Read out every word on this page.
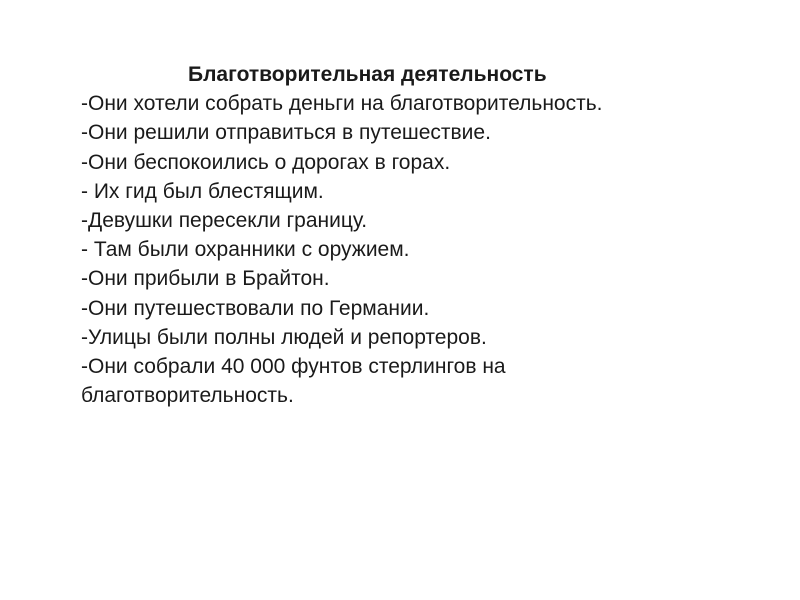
Благотворительная деятельность

-Они хотели собрать деньги на благотворительность.
-Они решили отправиться в путешествие.
-Они беспокоились о дорогах в горах.
- Их гид был блестящим.
-Девушки пересекли границу.
- Там были охранники с оружием.
-Они прибыли в Брайтон.
-Они путешествовали по Германии.
-Улицы были полны людей и репортеров.
-Они собрали 40 000 фунтов стерлингов на
благотворительность.
